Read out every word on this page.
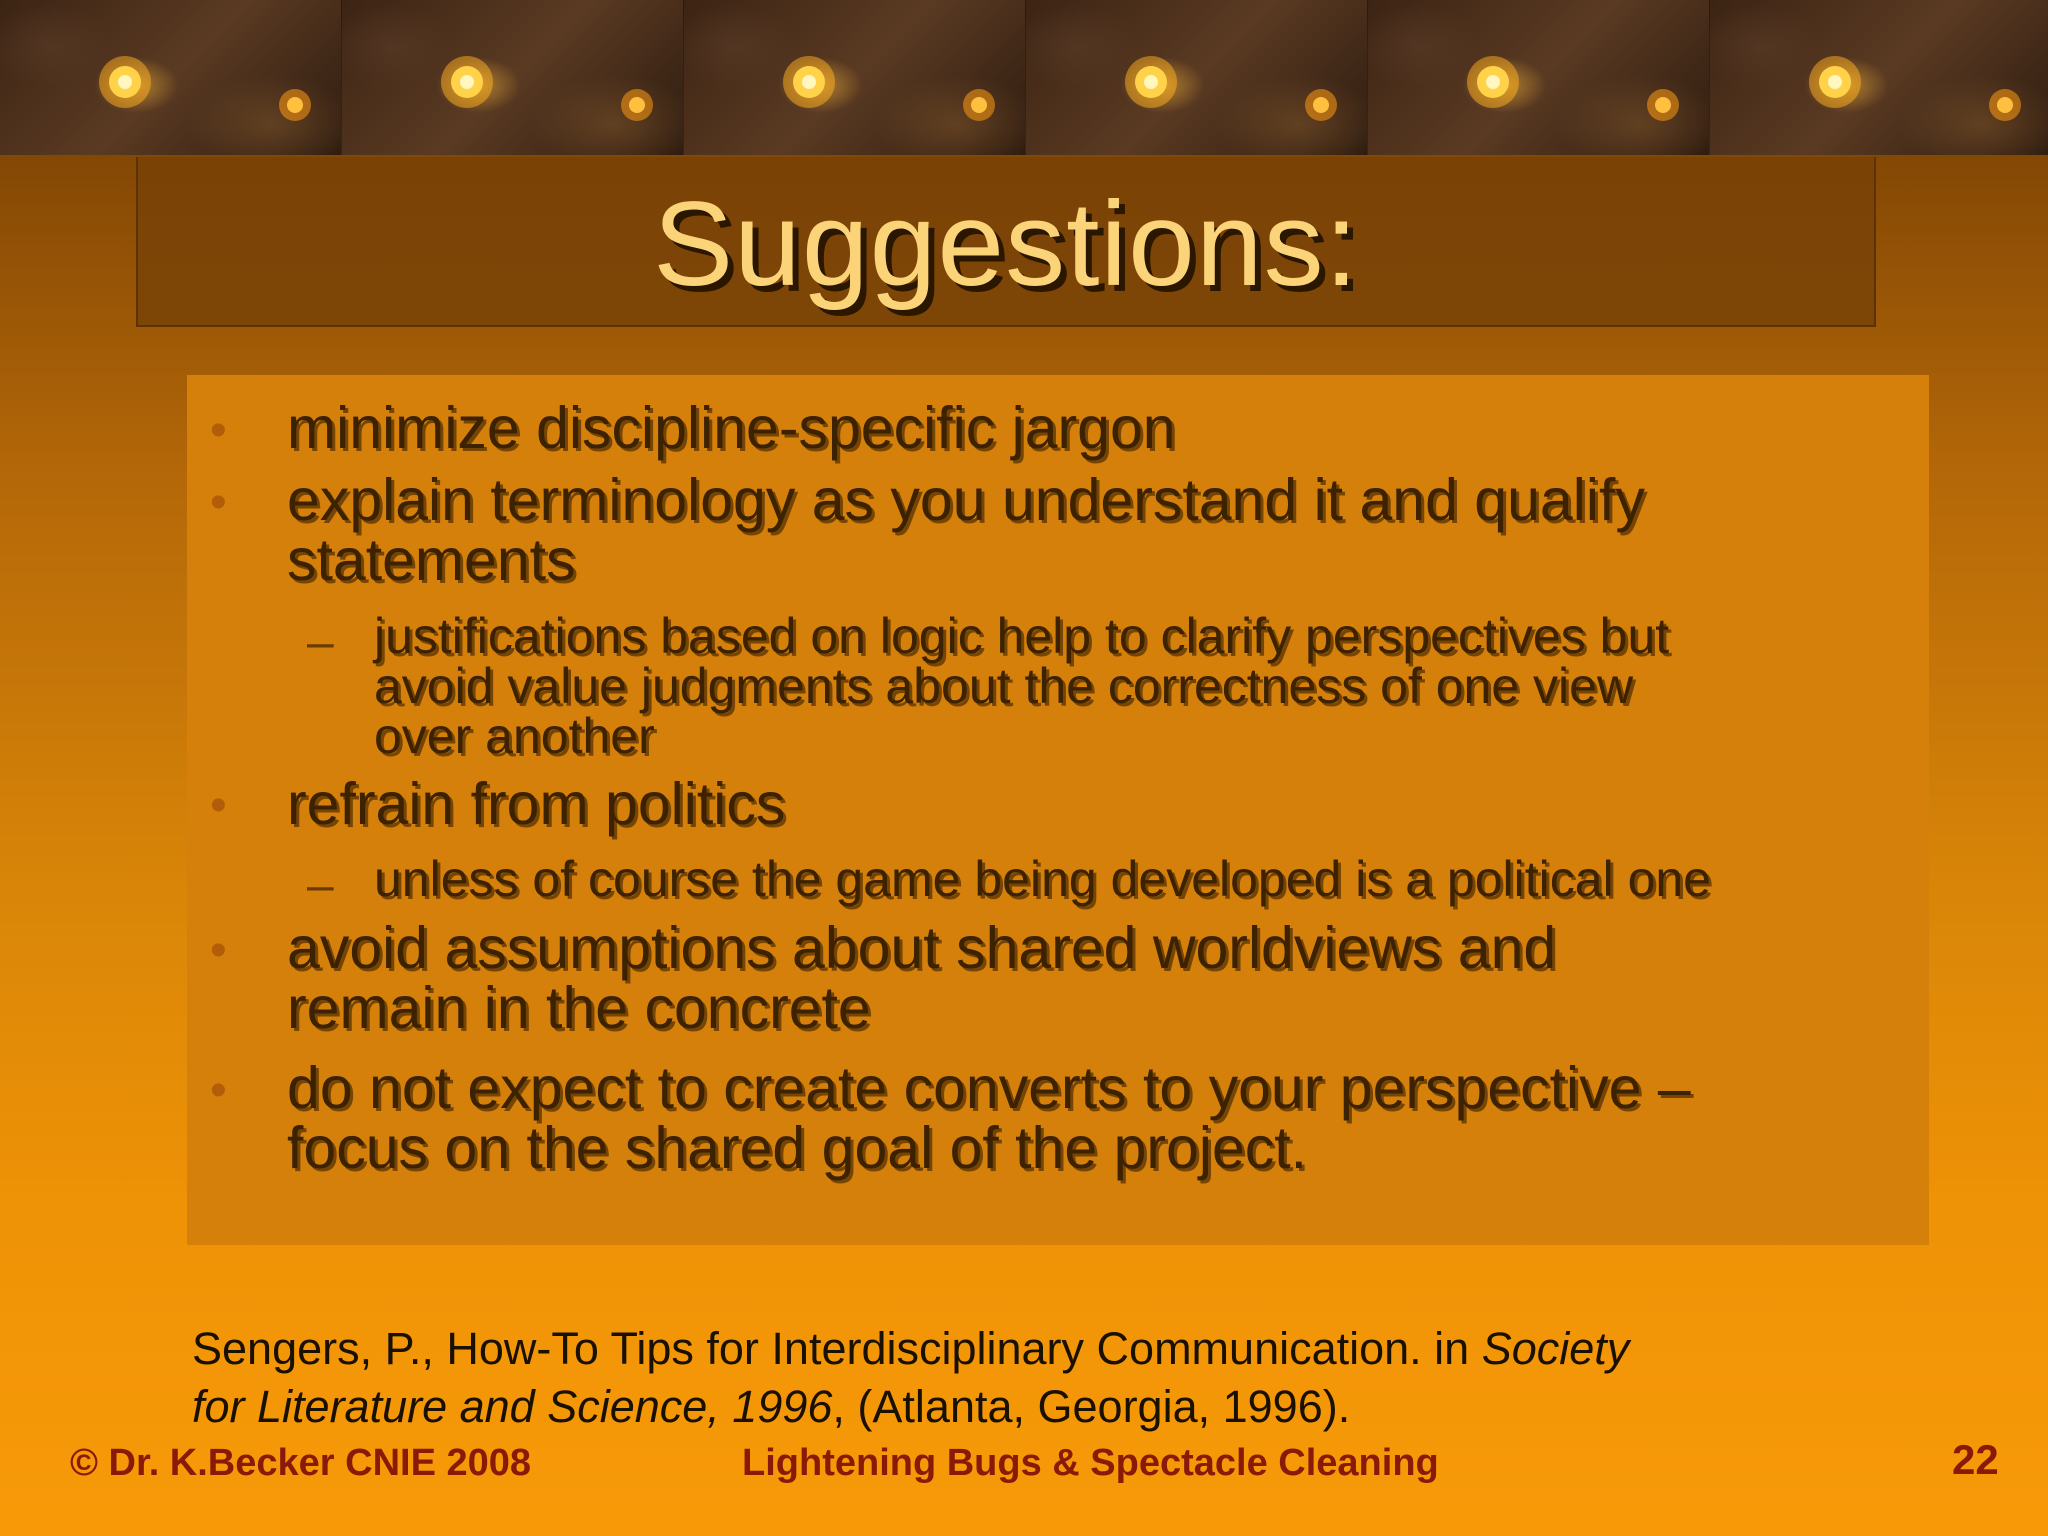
Suggestions:
• minimize discipline-specific jargon
• explain terminology as you understand it and qualify
statements
– justifications based on logic help to clarify perspectives but
avoid value judgments about the correctness of one view
over another
• refrain from politics
– unless of course the game being developed is a political one
• avoid assumptions about shared worldviews and
remain in the concrete
• do not expect to create converts to your perspective –
focus on the shared goal of the project.
Sengers, P., How-To Tips for Interdisciplinary Communication. in Society
for Literature and Science, 1996, (Atlanta, Georgia, 1996).
© Dr. K.Becker CNIE 2008	Lightening Bugs & Spectacle Cleaning	22
